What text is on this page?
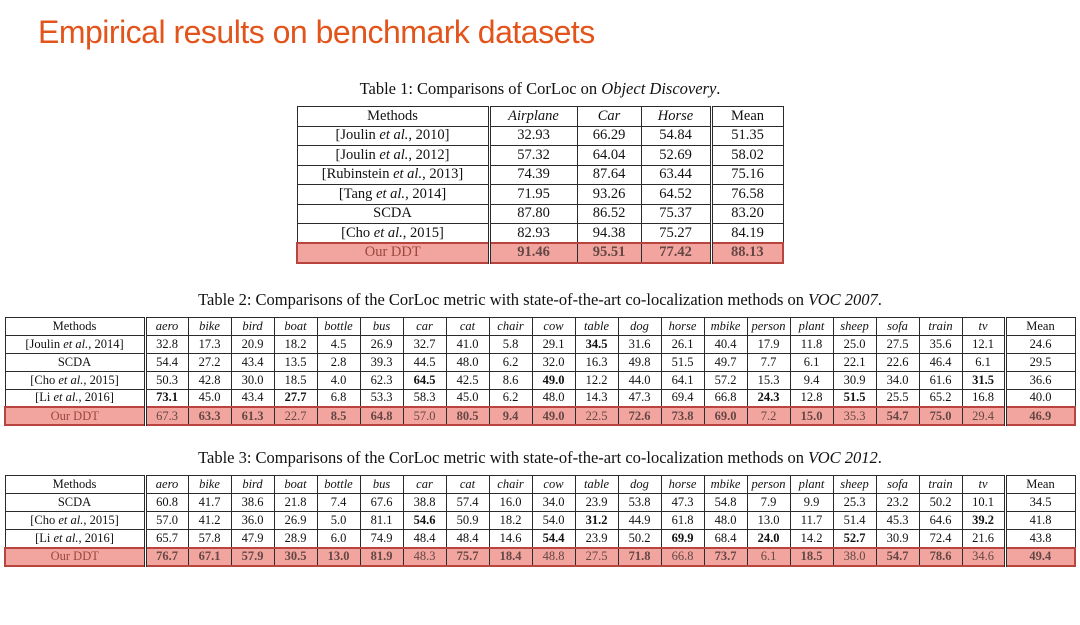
Empirical results on benchmark datasets

Table 1: Comparisons of CorLoc on Object Discovery.

Methods	Airplane	Car	Horse	Mean
[Joulin et al., 2010]	32.93	66.29	54.84	51.35
[Joulin et al., 2012]	57.32	64.04	52.69	58.02
[Rubinstein et al., 2013]	74.39	87.64	63.44	75.16
[Tang et al., 2014]	71.95	93.26	64.52	76.58
SCDA	87.80	86.52	75.37	83.20
[Cho et al., 2015]	82.93	94.38	75.27	84.19
Our DDT	91.46	95.51	77.42	88.13

Table 2: Comparisons of the CorLoc metric with state-of-the-art co-localization methods on VOC 2007.

Methods	aero	bike	bird	boat	bottle	bus	car	cat	chair	cow	table	dog	horse	mbike	person	plant	sheep	sofa	train	tv	Mean
[Joulin et al., 2014]	32.8	17.3	20.9	18.2	4.5	26.9	32.7	41.0	5.8	29.1	34.5	31.6	26.1	40.4	17.9	11.8	25.0	27.5	35.6	12.1	24.6
SCDA	54.4	27.2	43.4	13.5	2.8	39.3	44.5	48.0	6.2	32.0	16.3	49.8	51.5	49.7	7.7	6.1	22.1	22.6	46.4	6.1	29.5
[Cho et al., 2015]	50.3	42.8	30.0	18.5	4.0	62.3	64.5	42.5	8.6	49.0	12.2	44.0	64.1	57.2	15.3	9.4	30.9	34.0	61.6	31.5	36.6
[Li et al., 2016]	73.1	45.0	43.4	27.7	6.8	53.3	58.3	45.0	6.2	48.0	14.3	47.3	69.4	66.8	24.3	12.8	51.5	25.5	65.2	16.8	40.0
Our DDT	67.3	63.3	61.3	22.7	8.5	64.8	57.0	80.5	9.4	49.0	22.5	72.6	73.8	69.0	7.2	15.0	35.3	54.7	75.0	29.4	46.9

Table 3: Comparisons of the CorLoc metric with state-of-the-art co-localization methods on VOC 2012.

Methods	aero	bike	bird	boat	bottle	bus	car	cat	chair	cow	table	dog	horse	mbike	person	plant	sheep	sofa	train	tv	Mean
SCDA	60.8	41.7	38.6	21.8	7.4	67.6	38.8	57.4	16.0	34.0	23.9	53.8	47.3	54.8	7.9	9.9	25.3	23.2	50.2	10.1	34.5
[Cho et al., 2015]	57.0	41.2	36.0	26.9	5.0	81.1	54.6	50.9	18.2	54.0	31.2	44.9	61.8	48.0	13.0	11.7	51.4	45.3	64.6	39.2	41.8
[Li et al., 2016]	65.7	57.8	47.9	28.9	6.0	74.9	48.4	48.4	14.6	54.4	23.9	50.2	69.9	68.4	24.0	14.2	52.7	30.9	72.4	21.6	43.8
Our DDT	76.7	67.1	57.9	30.5	13.0	81.9	48.3	75.7	18.4	48.8	27.5	71.8	66.8	73.7	6.1	18.5	38.0	54.7	78.6	34.6	49.4
